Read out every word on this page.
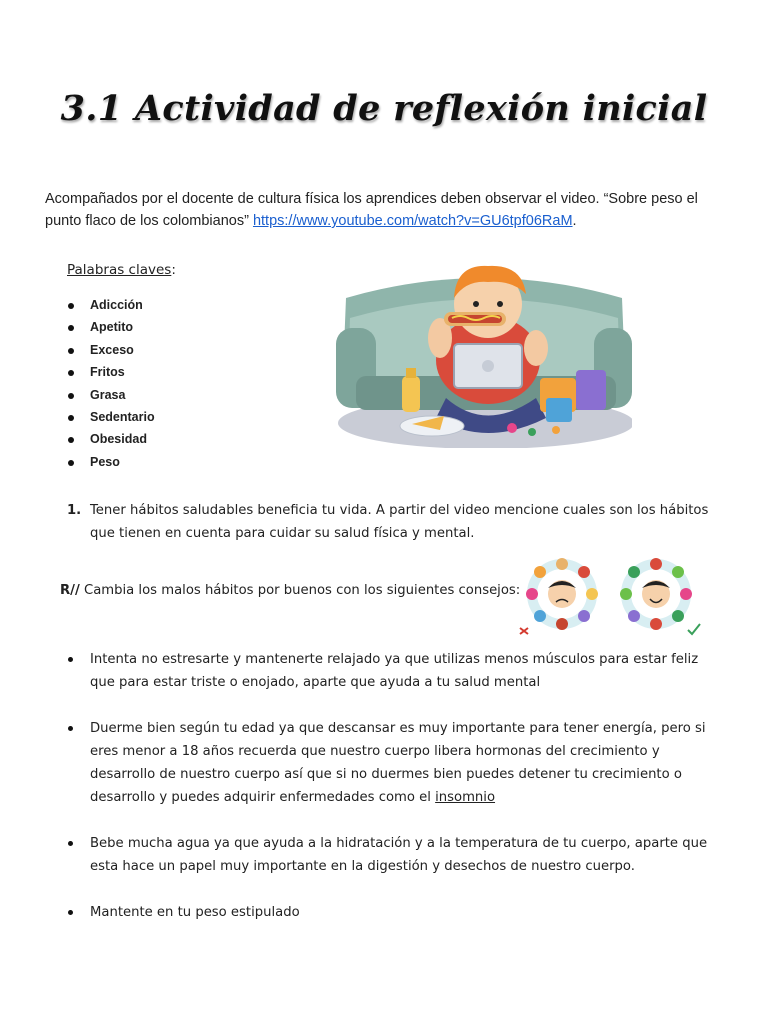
3.1 Actividad de reflexión inicial
Acompañados por el docente de cultura física los aprendices deben observar el video. “Sobre peso el punto flaco de los colombianos” https://www.youtube.com/watch?v=GU6tpf06RaM.
Palabras claves:
Adicción
Apetito
Exceso
Fritos
Grasa
Sedentario
Obesidad
Peso
1. Tener hábitos saludables beneficia tu vida. A partir del video mencione cuales son los hábitos que tienen en cuenta para cuidar su salud física y mental.
R// Cambia los malos hábitos por buenos con los siguientes consejos:
Intenta no estresarte y mantenerte relajado ya que utilizas menos músculos para estar feliz que para estar triste o enojado, aparte que ayuda a tu salud mental
Duerme bien según tu edad ya que descansar es muy importante para tener energía, pero si eres menor a 18 años recuerda que nuestro cuerpo libera hormonas del crecimiento y desarrollo de nuestro cuerpo así que si no duermes bien puedes detener tu crecimiento o desarrollo y puedes adquirir enfermedades como el insomnio
Bebe mucha agua ya que ayuda a la hidratación y a la temperatura de tu cuerpo, aparte que esta hace un papel muy importante en la digestión y desechos de nuestro cuerpo.
Mantente en tu peso estipulado
